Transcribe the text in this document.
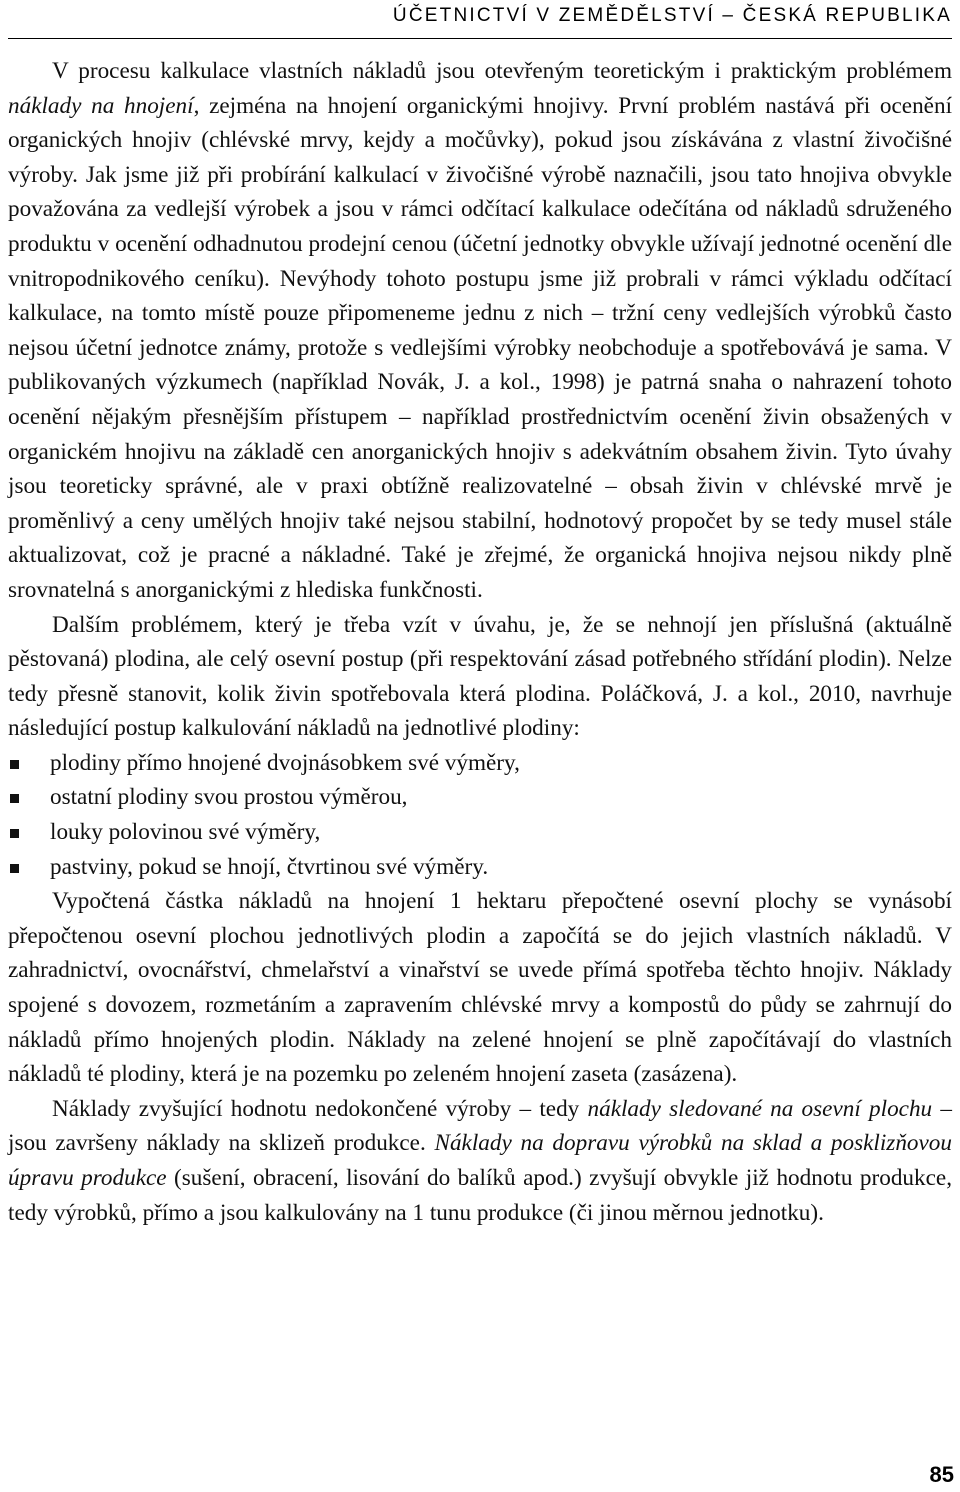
ÚČETNICTVÍ V ZEMĚDĚLSTVÍ – ČESKÁ REPUBLIKA

V procesu kalkulace vlastních nákladů jsou otevřeným teoretickým i praktickým problémem náklady na hnojení, zejména na hnojení organickými hnojivy. První problém nastává při ocenění organických hnojiv (chlévské mrvy, kejdy a močůvky), pokud jsou získávána z vlastní živočišné výroby. Jak jsme již při probírání kalkulací v živočišné výrobě naznačili, jsou tato hnojiva obvykle považována za vedlejší výrobek a jsou v rámci odčítací kalkulace odečítána od nákladů sdruženého produktu v ocenění odhadnutou prodejní cenou (účetní jednotky obvykle užívají jednotné ocenění dle vnitropodnikového ceníku). Nevýhody tohoto postupu jsme již probrali v rámci výkladu odčítací kalkulace, na tomto místě pouze připomeneme jednu z nich – tržní ceny vedlejších výrobků často nejsou účetní jednotce známy, protože s vedlejšími výrobky neobchoduje a spotřebovává je sama. V publikovaných výzkumech (například Novák, J. a kol., 1998) je patrná snaha o nahrazení tohoto ocenění nějakým přesnějším přístupem – například prostřednictvím ocenění živin obsažených v organickém hnojivu na základě cen anorganických hnojiv s adekvátním obsahem živin. Tyto úvahy jsou teoreticky správné, ale v praxi obtížně realizovatelné – obsah živin v chlévské mrvě je proměnlivý a ceny umělých hnojiv také nejsou stabilní, hodnotový propočet by se tedy musel stále aktualizovat, což je pracné a nákladné. Také je zřejmé, že organická hnojiva nejsou nikdy plně srovnatelná s anorganickými z hlediska funkčnosti.

Dalším problémem, který je třeba vzít v úvahu, je, že se nehnojí jen příslušná (aktuálně pěstovaná) plodina, ale celý osevní postup (při respektování zásad potřebného střídání plodin). Nelze tedy přesně stanovit, kolik živin spotřebovala která plodina. Poláčková, J. a kol., 2010, navrhuje následující postup kalkulování nákladů na jednotlivé plodiny:

plodiny přímo hnojené dvojnásobkem své výměry,
ostatní plodiny svou prostou výměrou,
louky polovinou své výměry,
pastviny, pokud se hnojí, čtvrtinou své výměry.

Vypočtená částka nákladů na hnojení 1 hektaru přepočtené osevní plochy se vynásobí přepočtenou osevní plochou jednotlivých plodin a započítá se do jejich vlastních nákladů. V zahradnictví, ovocnářství, chmelařství a vinařství se uvede přímá spotřeba těchto hnojiv. Náklady spojené s dovozem, rozmetáním a zapravením chlévské mrvy a kompostů do půdy se zahrnují do nákladů přímo hnojených plodin. Náklady na zelené hnojení se plně započítávají do vlastních nákladů té plodiny, která je na pozemku po zeleném hnojení zaseta (zasázena).

Náklady zvyšující hodnotu nedokončené výroby – tedy náklady sledované na osevní plochu – jsou završeny náklady na sklizeň produkce. Náklady na dopravu výrobků na sklad a posklizňovou úpravu produkce (sušení, obracení, lisování do balíků apod.) zvyšují obvykle již hodnotu produkce, tedy výrobků, přímo a jsou kalkulovány na 1 tunu produkce (či jinou měrnou jednotku).

85
